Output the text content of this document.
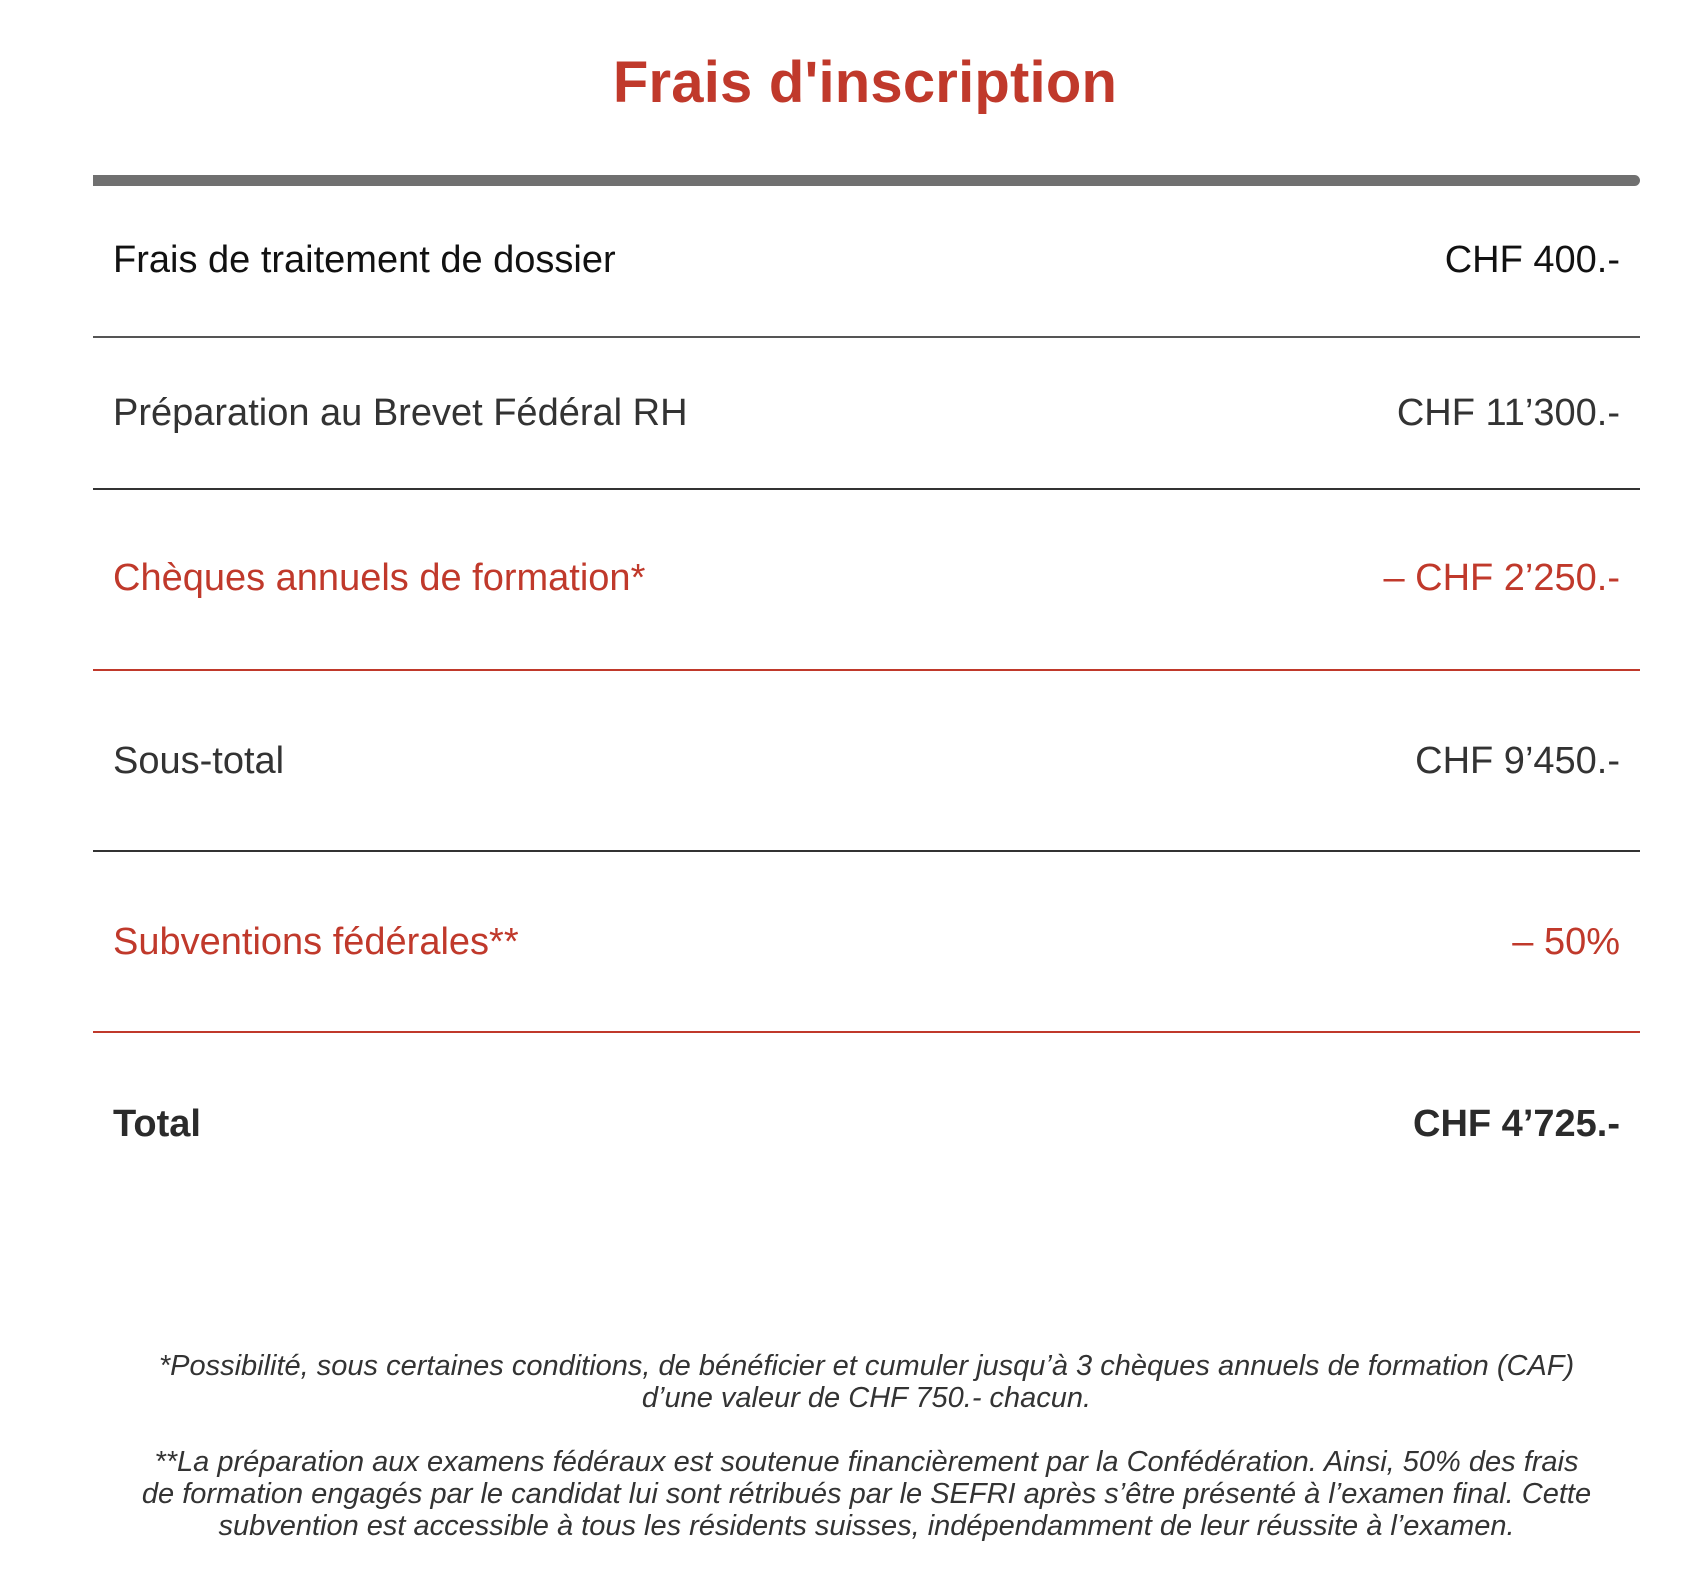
Frais d'inscription
Frais de traitement de dossier	CHF 400.-
Préparation au Brevet Fédéral RH	CHF 11’300.-
Chèques annuels de formation*	– CHF 2’250.-
Sous-total	CHF 9’450.-
Subventions fédérales**	– 50%
Total	CHF 4’725.-

*Possibilité, sous certaines conditions, de bénéficier et cumuler jusqu’à 3 chèques annuels de formation (CAF)
d’une valeur de CHF 750.- chacun.

**La préparation aux examens fédéraux est soutenue financièrement par la Confédération. Ainsi, 50% des frais
de formation engagés par le candidat lui sont rétribués par le SEFRI après s’être présenté à l’examen final. Cette
subvention est accessible à tous les résidents suisses, indépendamment de leur réussite à l’examen.
